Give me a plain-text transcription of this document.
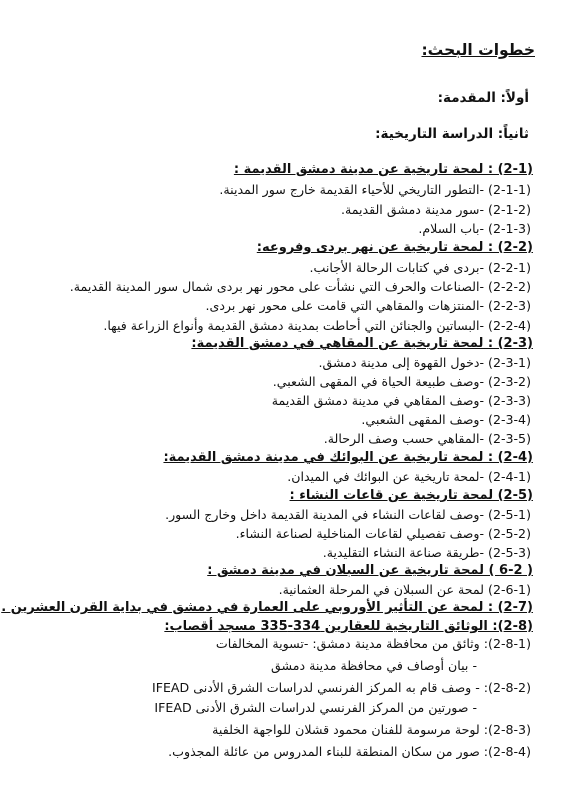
خطوات البحث:
أولاً: المقدمة:
ثانياً: الدراسة التاريخية:
(2-1) : لمحة تاريخية عن مدينة دمشق القديمة :
(2-1-1) -التطور التاريخي للأحياء القديمة خارج سور المدينة.
(2-1-2) -سور مدينة دمشق القديمة.
(2-1-3) -باب السلام.
(2-2) : لمحة تاريخية عن نهر بردى وفروعه:
(2-2-1) -بردى في كتابات الرحالة الأجانب.
(2-2-2) -الصناعات والحرف التي نشأت على محور نهر بردى شمال سور المدينة القديمة.
(2-2-3) -المنتزهات والمقاهي التي قامت على محور نهر بردى.
(2-2-4) -البساتين والجنائن التي أحاطت بمدينة دمشق القديمة وأنواع الزراعة فيها.
(2-3) : لمحة تاريخية عن المقاهي في دمشق القديمة:
(2-3-1) -دخول القهوة إلى مدينة دمشق.
(2-3-2) -وصف طبيعة الحياة في المقهى الشعبي.
(2-3-3) -وصف المقاهي في مدينة دمشق القديمة
(2-3-4) -وصف المقهى الشعبي.
(2-3-5) -المقاهي حسب وصف الرحالة.
(2-4) : لمحة تاريخية عن البوائك في مدينة دمشق القديمة:
(2-4-1) -لمحة تاريخية عن البوائك في الميدان.
(2-5) لمحة تاريخية عن قاعات النشاء :
(2-5-1) -وصف لقاعات النشاء في المدينة القديمة داخل وخارج السور.
(2-5-2) -وصف تفصيلي لقاعات المناخلية لصناعة النشاء.
(2-5-3) -طريقة صناعة النشاء التقليدية.
( 6-2 ) لمحة تاريخية عن السبلان في مدينة دمشق :
(2-6-1) لمحة عن السبلان في المرحلة العثمانية.
(2-7) : لمحة عن التأثير الأوروبي على العمارة في دمشق في بداية القرن العشرين .
(2-8): الوثائق التاريخية للعقارين 334-335 مسجد أقصاب:
(2-8-1): وثائق من محافظة مدينة دمشق: -تسوية المخالفات
- بيان أوصاف في محافظة مدينة دمشق
(2-8-2): - وصف قام به المركز الفرنسي لدراسات الشرق الأدنى IFEAD
- صورتين من المركز الفرنسي لدراسات الشرق الأدنى IFEAD
(2-8-3): لوحة مرسومة للفنان محمود قشلان للواجهة الخلفية
(2-8-4): صور من سكان المنطقة للبناء المدروس من عائلة المجذوب.
